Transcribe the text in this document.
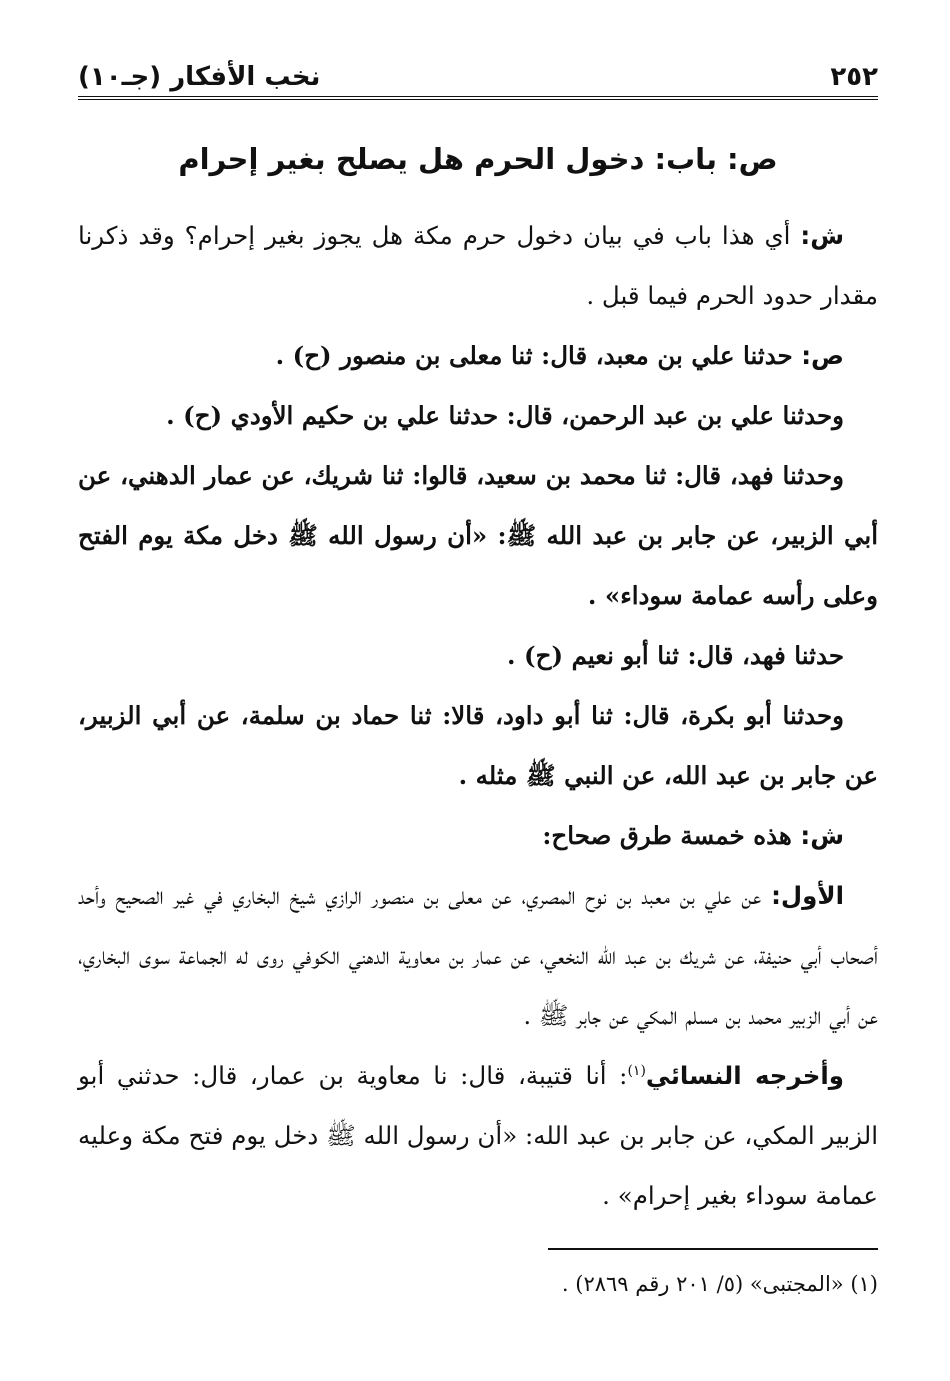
٢٥٢
نخب الأفكار (جـ١٠)
ص: باب: دخول الحرم هل يصلح بغير إحرام

ش: أي هذا باب في بيان دخول حرم مكة هل يجوز بغير إحرام؟ وقد ذكرنا مقدار حدود الحرم فيما قبل .

ص: حدثنا علي بن معبد، قال: ثنا معلى بن منصور (ح) .

وحدثنا علي بن عبد الرحمن، قال: حدثنا علي بن حكيم الأودي (ح) .

وحدثنا فهد، قال: ثنا محمد بن سعيد، قالوا: ثنا شريك، عن عمار الدهني، عن أبي الزبير، عن جابر بن عبد الله ﷺ: «أن رسول الله ﷺ دخل مكة يوم الفتح وعلى رأسه عمامة سوداء» .

حدثنا فهد، قال: ثنا أبو نعيم (ح) .

وحدثنا أبو بكرة، قال: ثنا أبو داود، قالا: ثنا حماد بن سلمة، عن أبي الزبير، عن جابر بن عبد الله، عن النبي ﷺ مثله .

ش: هذه خمسة طرق صحاح:

الأول: عن علي بن معبد بن نوح المصري، عن معلى بن منصور الرازي شيخ البخاري في غير الصحيح وأحد أصحاب أبي حنيفة، عن شريك بن عبد الله النخعي، عن عمار بن معاوية الدهني الكوفي روى له الجماعة سوى البخاري، عن أبي الزبير محمد بن مسلم المكي عن جابر ﷺ .

وأخرجه النسائي$^{(١)}$: أنا قتيبة، قال: نا معاوية بن عمار، قال: حدثني أبو الزبير المكي، عن جابر بن عبد الله: «أن رسول الله ﷺ دخل يوم فتح مكة وعليه عمامة سوداء بغير إحرام» .

(١) «المجتبى» (٥/ ٢٠١ رقم ٢٨٦٩) .
